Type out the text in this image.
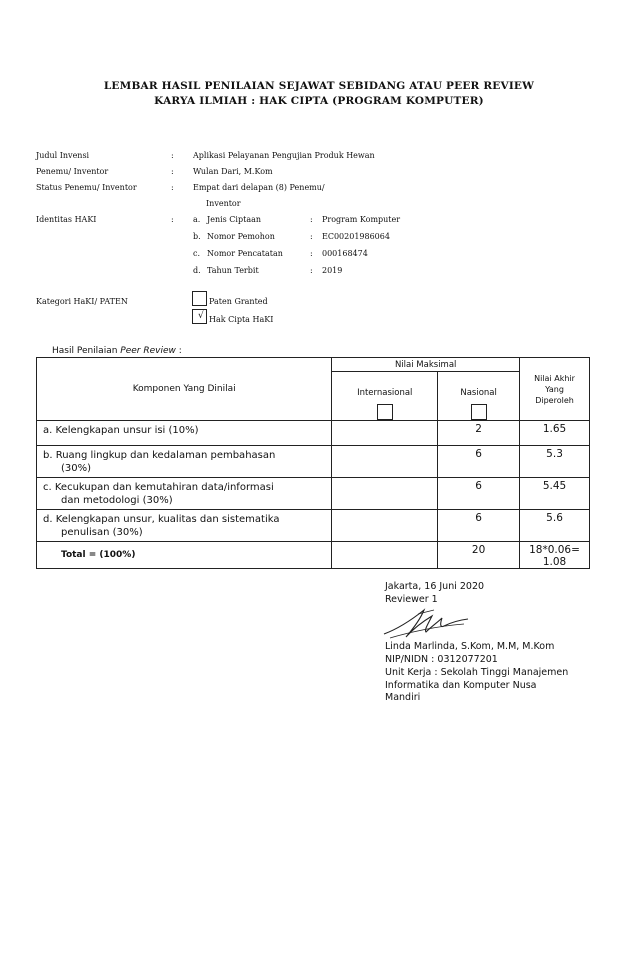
LEMBAR HASIL PENILAIAN SEJAWAT SEBIDANG ATAU PEER REVIEW
KARYA ILMIAH : HAK CIPTA (PROGRAM KOMPUTER)
Judul Invensi	: Aplikasi Pelayanan Pengujian Produk Hewan
Penemu/ Inventor	: Wulan Dari, M.Kom
Status Penemu/ Inventor	: Empat dari delapan (8) Penemu/
Inventor
Identitas HAKI	: a. Jenis Ciptaan	: Program Komputer
b. Nomor Pemohon	: EC00201986064
c. Nomor Pencatatan	: 000168474
d. Tahun Terbit	: 2019
Kategori HaKI/ PATEN	Paten Granted
√ Hak Cipta HaKI
Hasil Penilaian Peer Review :
Komponen Yang Dinilai	Nilai Maksimal		Nilai Akhir
Yang
Diperoleh

	Internasional	Nasional	

a. Kelengkapan unsur isi (10%)		2	1.65
b. Ruang lingkup dan kedalaman pembahasan
(30%)		6	5.3
c. Kecukupan dan kemutahiran data/informasi
dan metodologi (30%)		6	5.45
d. Kelengkapan unsur, kualitas dan sistematika
penulisan (30%)		6	5.6
Total = (100%)		20	18*0.06=
1.08
Jakarta, 16 Juni 2020
Reviewer 1
Linda Marlinda, S.Kom, M.M, M.Kom
NIP/NIDN : 0312077201
Unit Kerja : Sekolah Tinggi Manajemen
Informatika dan Komputer Nusa
Mandiri
